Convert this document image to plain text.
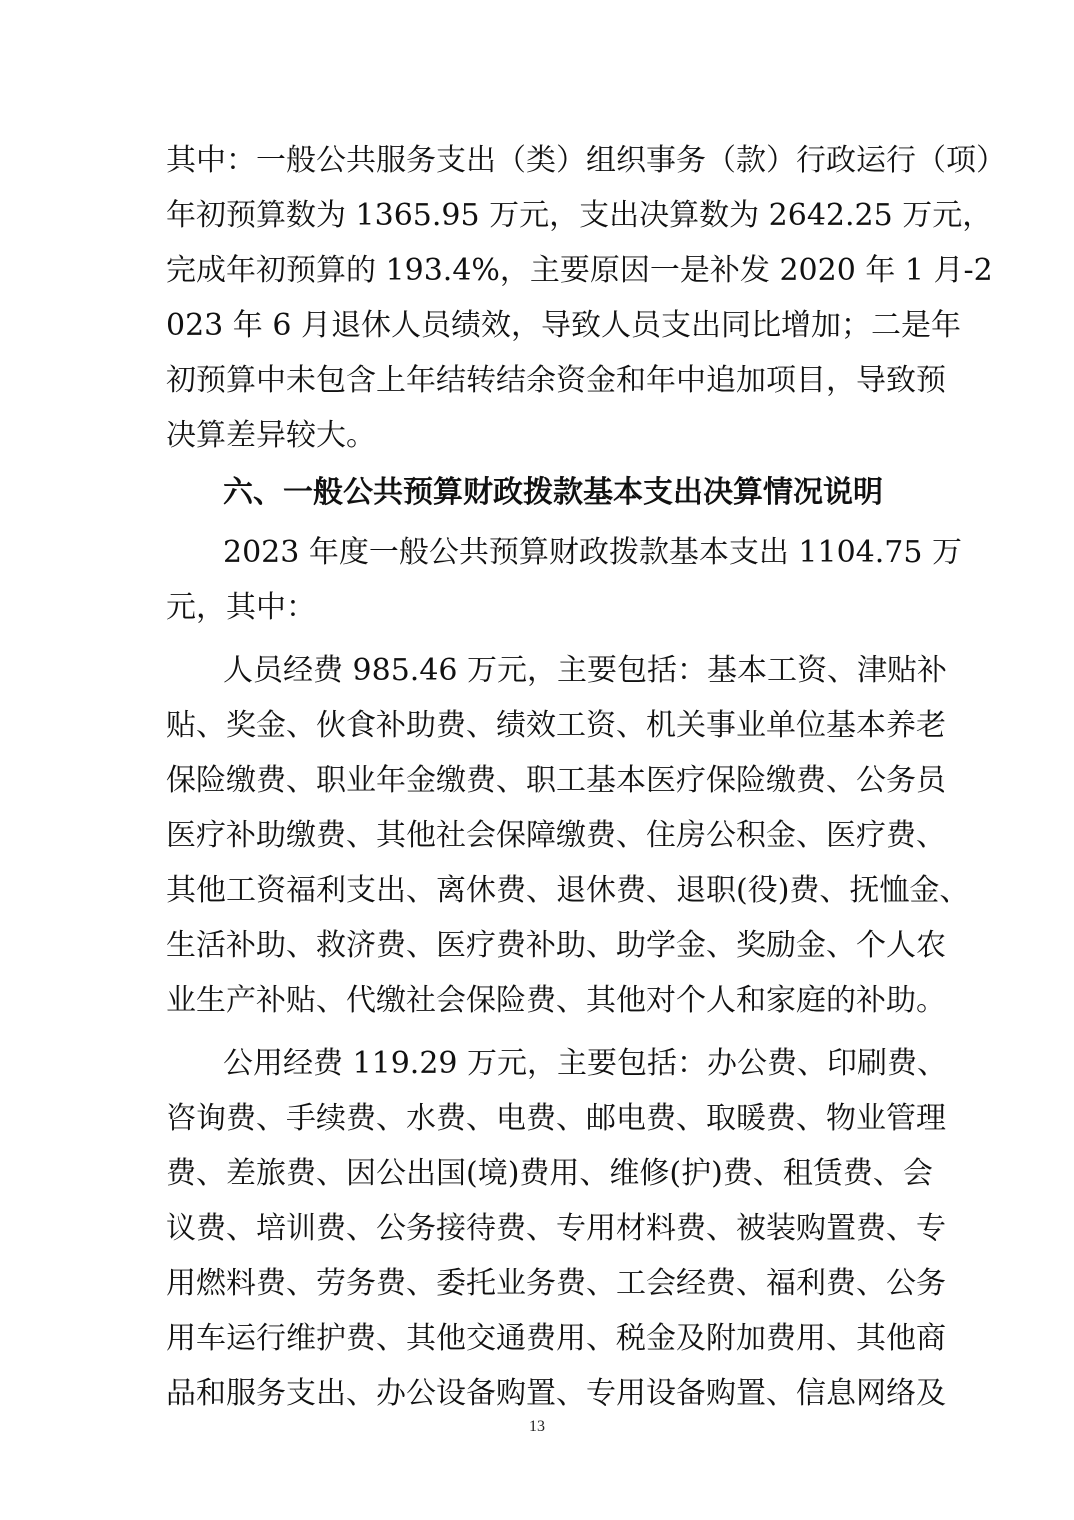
其中：一般公共服务支出（类）组织事务（款）行政运行（项）
年初预算数为 1365.95 万元，支出决算数为 2642.25 万元，
完成年初预算的 193.4%，主要原因一是补发 2020 年 1 月-2
023 年 6 月退休人员绩效，导致人员支出同比增加；二是年
初预算中未包含上年结转结余资金和年中追加项目，导致预
决算差异较大。
六、一般公共预算财政拨款基本支出决算情况说明
2023 年度一般公共预算财政拨款基本支出 1104.75 万
元，其中：
人员经费 985.46 万元，主要包括：基本工资、津贴补
贴、奖金、伙食补助费、绩效工资、机关事业单位基本养老
保险缴费、职业年金缴费、职工基本医疗保险缴费、公务员
医疗补助缴费、其他社会保障缴费、住房公积金、医疗费、
其他工资福利支出、离休费、退休费、退职(役)费、抚恤金、
生活补助、救济费、医疗费补助、助学金、奖励金、个人农
业生产补贴、代缴社会保险费、其他对个人和家庭的补助。
公用经费 119.29 万元，主要包括：办公费、印刷费、
咨询费、手续费、水费、电费、邮电费、取暖费、物业管理
费、差旅费、因公出国(境)费用、维修(护)费、租赁费、会
议费、培训费、公务接待费、专用材料费、被装购置费、专
用燃料费、劳务费、委托业务费、工会经费、福利费、公务
用车运行维护费、其他交通费用、税金及附加费用、其他商
品和服务支出、办公设备购置、专用设备购置、信息网络及
13
